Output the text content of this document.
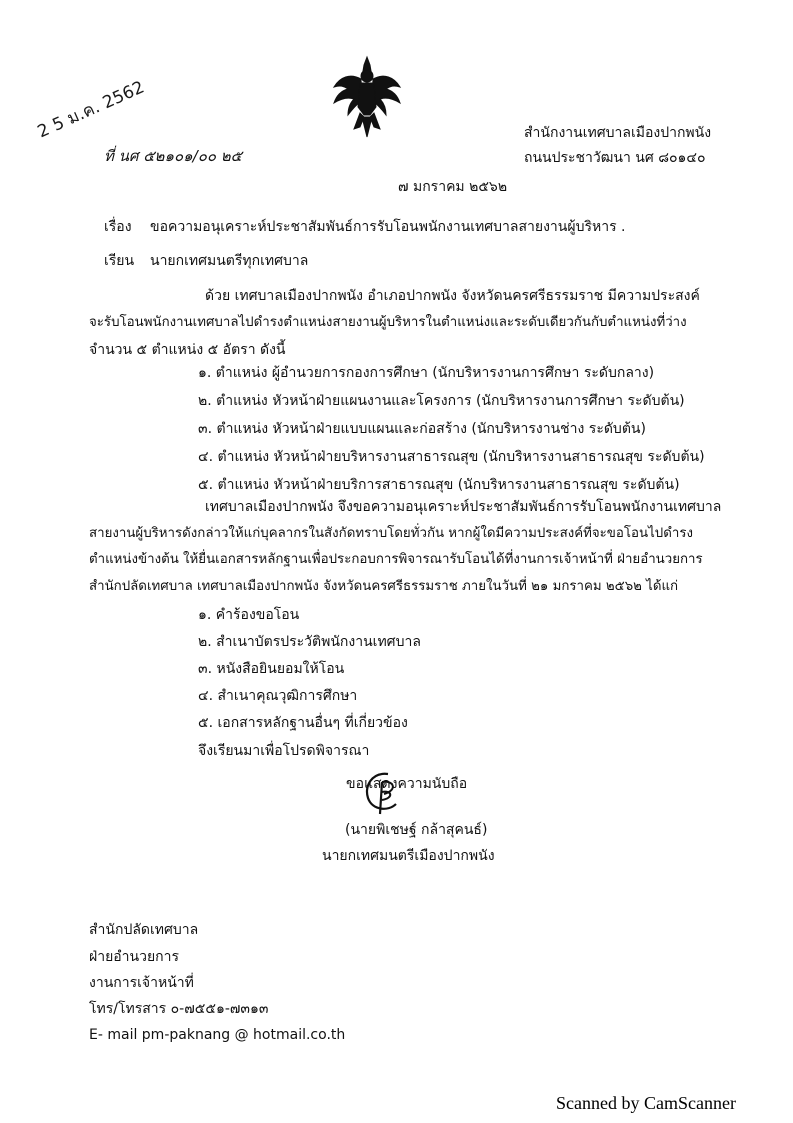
2 5 ม.ค. 2562
ที่ นศ ๕๒๑๐๑/๐๐ ๒๕
สำนักงานเทศบาลเมืองปากพนัง
ถนนประชาวัฒนา นศ ๘๐๑๔๐
๗ มกราคม ๒๕๖๒
เรื่อง ขอความอนุเคราะห์ประชาสัมพันธ์การรับโอนพนักงานเทศบาลสายงานผู้บริหาร .
เรียน นายกเทศมนตรีทุกเทศบาล
ด้วย เทศบาลเมืองปากพนัง อำเภอปากพนัง จังหวัดนครศรีธรรมราช มีความประสงค์
จะรับโอนพนักงานเทศบาลไปดำรงตำแหน่งสายงานผู้บริหารในตำแหน่งและระดับเดียวกันกับตำแหน่งที่ว่าง
จำนวน ๕ ตำแหน่ง ๕ อัตรา ดังนี้
๑. ตำแหน่ง ผู้อำนวยการกองการศึกษา (นักบริหารงานการศึกษา ระดับกลาง)
๒. ตำแหน่ง หัวหน้าฝ่ายแผนงานและโครงการ (นักบริหารงานการศึกษา ระดับต้น)
๓. ตำแหน่ง หัวหน้าฝ่ายแบบแผนและก่อสร้าง (นักบริหารงานช่าง ระดับต้น)
๔. ตำแหน่ง หัวหน้าฝ่ายบริหารงานสาธารณสุข (นักบริหารงานสาธารณสุข ระดับต้น)
๕. ตำแหน่ง หัวหน้าฝ่ายบริการสาธารณสุข (นักบริหารงานสาธารณสุข ระดับต้น)
เทศบาลเมืองปากพนัง จึงขอความอนุเคราะห์ประชาสัมพันธ์การรับโอนพนักงานเทศบาล
สายงานผู้บริหารดังกล่าวให้แก่บุคลากรในสังกัดทราบโดยทั่วกัน หากผู้ใดมีความประสงค์ที่จะขอโอนไปดำรง
ตำแหน่งข้างต้น ให้ยื่นเอกสารหลักฐานเพื่อประกอบการพิจารณารับโอนได้ที่งานการเจ้าหน้าที่ ฝ่ายอำนวยการ
สำนักปลัดเทศบาล เทศบาลเมืองปากพนัง จังหวัดนครศรีธรรมราช ภายในวันที่ ๒๑ มกราคม ๒๕๖๒ ได้แก่
๑. คำร้องขอโอน
๒. สำเนาบัตรประวัติพนักงานเทศบาล
๓. หนังสือยินยอมให้โอน
๔. สำเนาคุณวุฒิการศึกษา
๕. เอกสารหลักฐานอื่นๆ ที่เกี่ยวข้อง
จึงเรียนมาเพื่อโปรดพิจารณา
ขอแสดงความนับถือ
(นายพิเชษฐ์ กล้าสุคนธ์)
นายกเทศมนตรีเมืองปากพนัง
สำนักปลัดเทศบาล
ฝ่ายอำนวยการ
งานการเจ้าหน้าที่
โทร/โทรสาร ๐-๗๕๕๑-๗๓๑๓
E- mail pm-paknang @ hotmail.co.th
Scanned by CamScanner
